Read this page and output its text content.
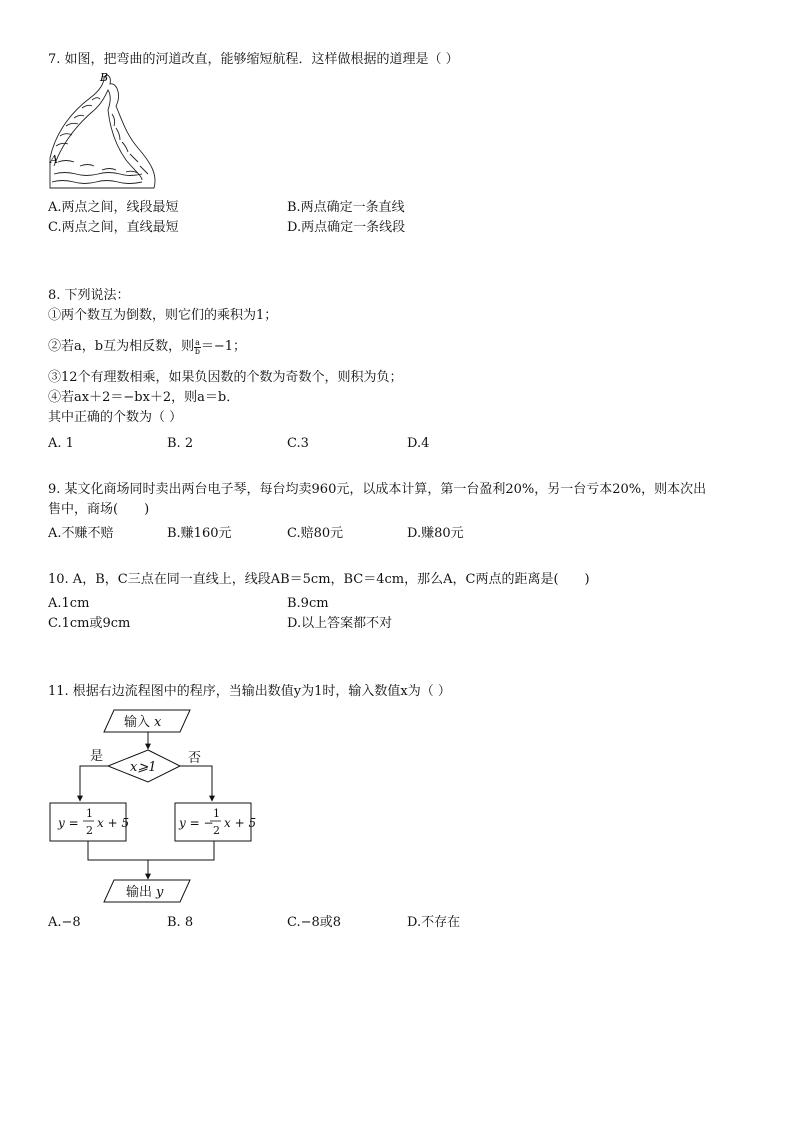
7. 如图，把弯曲的河道改直，能够缩短航程．这样做根据的道理是（ ）
B
A
A.两点之间，线段最短	B.两点确定一条直线
C.两点之间，直线最短	D.两点确定一条线段
8. 下列说法：
①两个数互为倒数，则它们的乘积为1；
②若a，b互为相反数，则 $\frac{a}{b} =-1$；
③12个有理数相乘，如果负因数的个数为奇数个，则积为负；
④若ax＋2＝−bx＋2，则a＝b．
其中正确的个数为（ ）
A. 1	B. 2	C.3	D.4
9. 某文化商场同时卖出两台电子琴，每台均卖960元，以成本计算，第一台盈利20%，另一台亏本20%，则本次出
售中，商场(　　)
A.不赚不赔	B.赚160元	C.赔80元	D.赚80元
10. A，B，C三点在同一直线上，线段AB＝5cm，BC＝4cm，那么A，C两点的距离是(　　)
A.1cm	B.9cm
C.1cm或9cm	D.以上答案都不对
11. 根据右边流程图中的程序，当输出数值y为1时，输入数值x为（ ）
输入 x
x⩾1
是	否
y =
1
2
x + 5	y = −
1
2
x + 5
输出 y
A.−8	B. 8	C.−8或8	D.不存在
